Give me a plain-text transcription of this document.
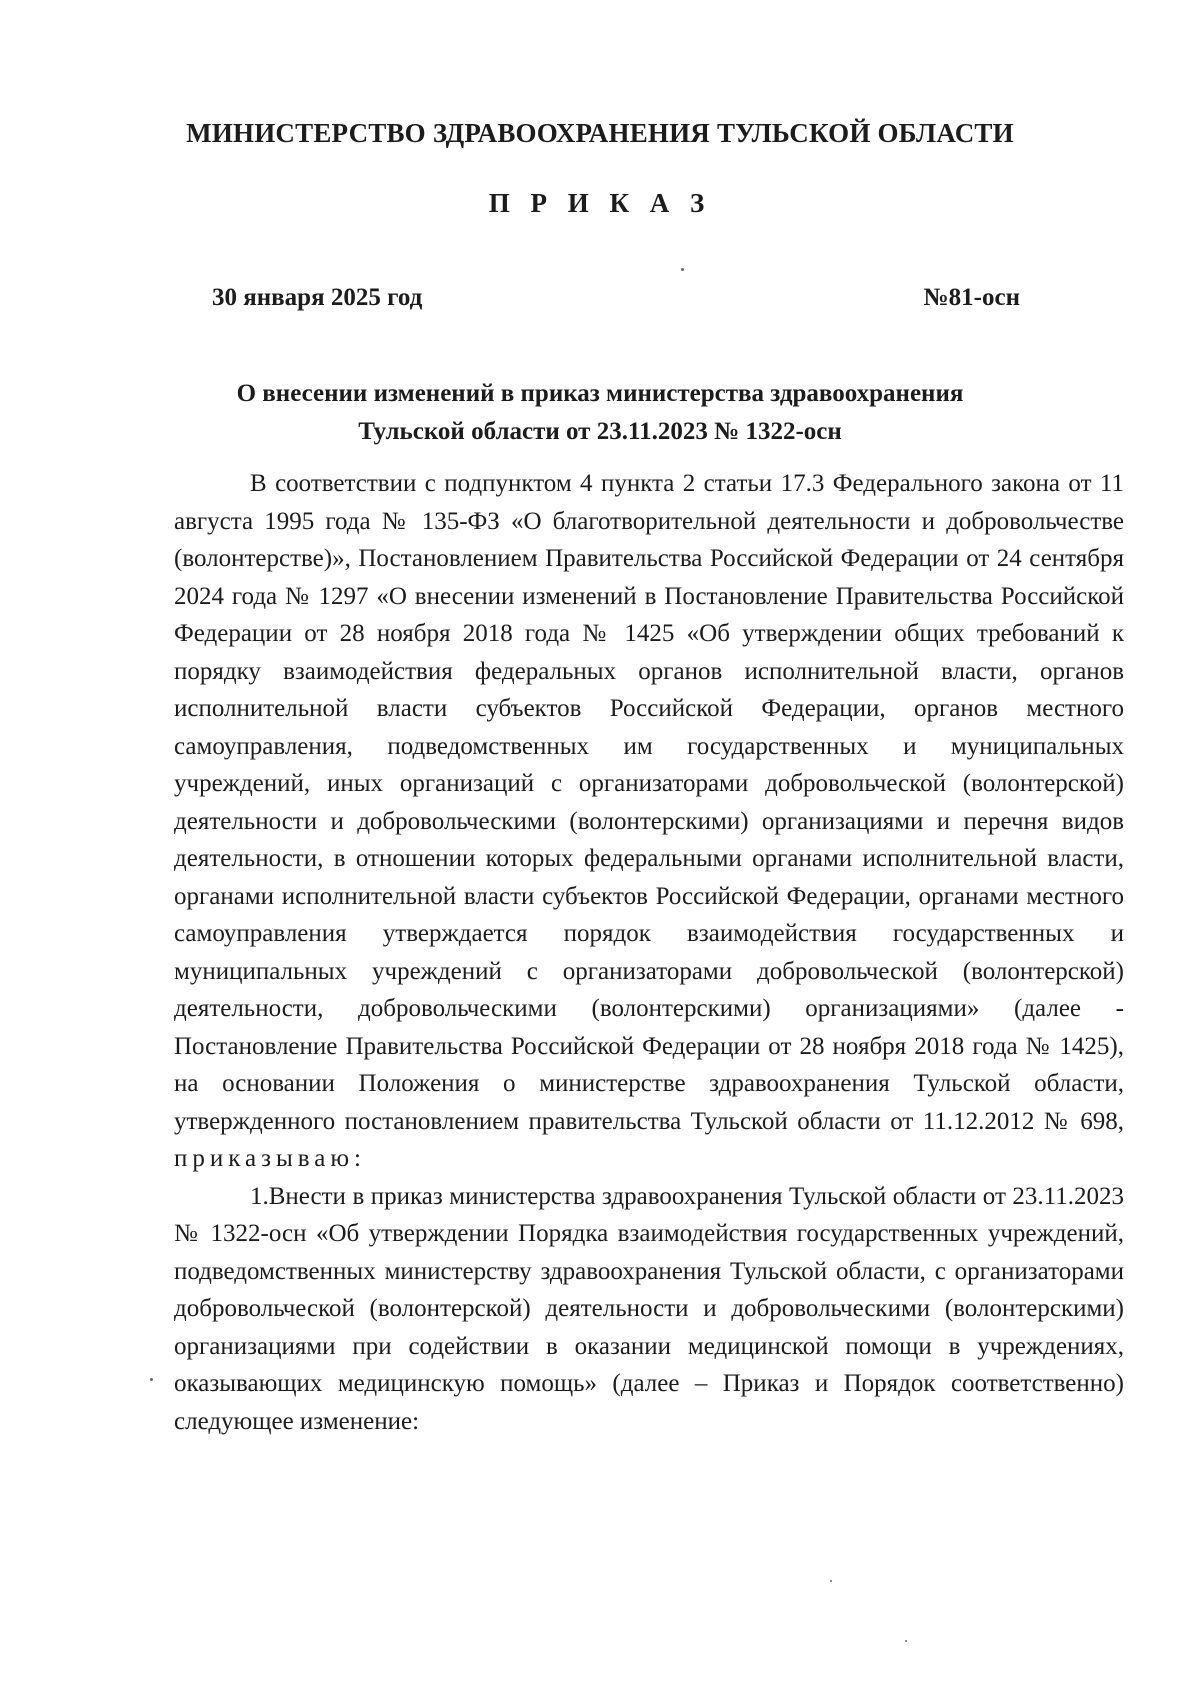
МИНИСТЕРСТВО ЗДРАВООХРАНЕНИЯ ТУЛЬСКОЙ ОБЛАСТИ
П Р И К А З
30 января 2025 год	№81-осн
О внесении изменений в приказ министерства здравоохранения
Тульской области от 23.11.2023 № 1322-осн

В соответствии с подпунктом 4 пункта 2 статьи 17.3 Федерального закона от 11 августа 1995 года № 135-ФЗ «О благотворительной деятельности и добровольчестве (волонтерстве)», Постановлением Правительства Российской Федерации от 24 сентября 2024 года № 1297 «О внесении изменений в Постановление Правительства Российской Федерации от 28 ноября 2018 года № 1425 «Об утверждении общих требований к порядку взаимодействия федеральных органов исполнительной власти, органов исполнительной власти субъектов Российской Федерации, органов местного самоуправления, подведомственных им государственных и муниципальных учреждений, иных организаций с организаторами добровольческой (волонтерской) деятельности и добровольческими (волонтерскими) организациями и перечня видов деятельности, в отношении которых федеральными органами исполнительной власти, органами исполнительной власти субъектов Российской Федерации, органами местного самоуправления утверждается порядок взаимодействия государственных и муниципальных учреждений с организаторами добровольческой (волонтерской) деятельности, добровольческими (волонтерскими) организациями» (далее - Постановление Правительства Российской Федерации от 28 ноября 2018 года № 1425), на основании Положения о министерстве здравоохранения Тульской области, утвержденного постановлением правительства Тульской области от 11.12.2012 № 698, приказываю:

1.Внести в приказ министерства здравоохранения Тульской области от 23.11.2023 № 1322-осн «Об утверждении Порядка взаимодействия государственных учреждений, подведомственных министерству здравоохранения Тульской области, с организаторами добровольческой (волонтерской) деятельности и добровольческими (волонтерскими) организациями при содействии в оказании медицинской помощи в учреждениях, оказывающих медицинскую помощь» (далее – Приказ и Порядок соответственно) следующее изменение:
